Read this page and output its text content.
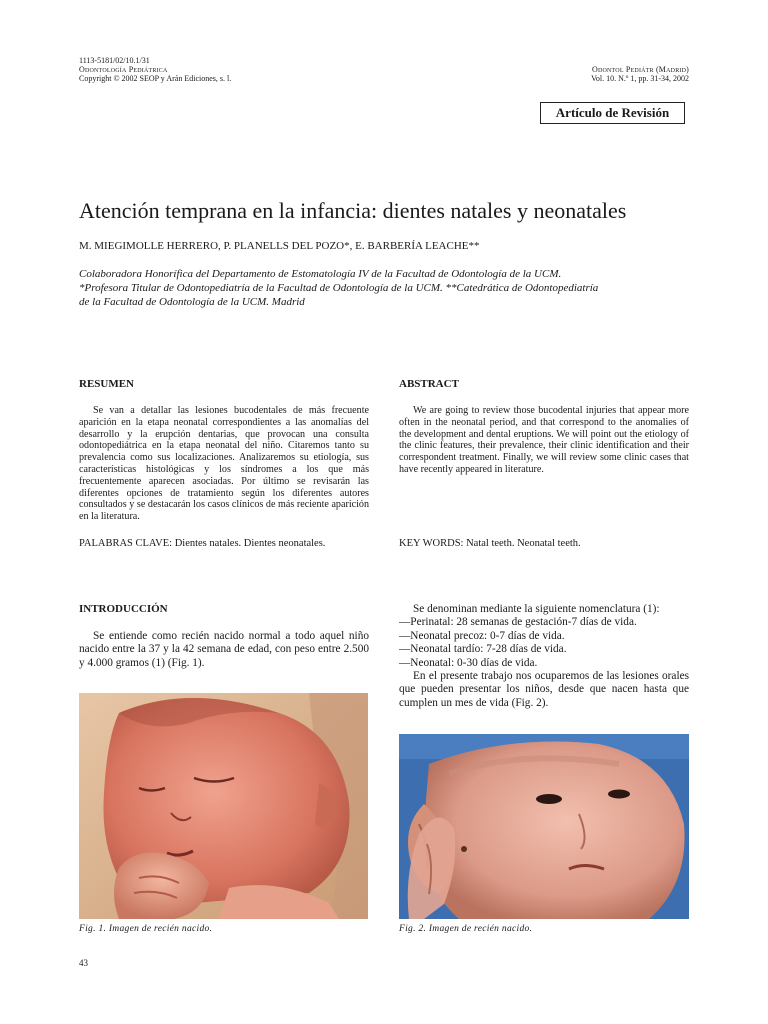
1113-5181/02/10.1/31
Odontología Pediátrica
Copyright © 2002 SEOP y Arán Ediciones, s. l.
Odontol Pediátr (Madrid)
Vol. 10. N.º 1, pp. 31-34, 2002
Artículo de Revisión
Atención temprana en la infancia: dientes natales y neonatales
M. MIEGIMOLLE HERRERO, P. PLANELLS DEL POZO*, E. BARBERÍA LEACHE**
Colaboradora Honorífica del Departamento de Estomatología IV de la Facultad de Odontología de la UCM.
*Profesora Titular de Odontopediatría de la Facultad de Odontología de la UCM. **Catedrática de Odontopediatría
de la Facultad de Odontología de la UCM. Madrid
RESUMEN

Se van a detallar las lesiones bucodentales de más frecuente aparición en la etapa neonatal correspondientes a las anomalías del desarrollo y la erupción dentarias, que provocan una consulta odontopediátrica en la etapa neonatal del niño. Citaremos tanto su prevalencia como sus localizaciones. Analizaremos su etiología, sus características histológicas y los síndromes a los que más frecuentemente aparecen asociadas. Por último se revisarán las diferentes opciones de tratamiento según los diferentes autores consultados y se destacarán los casos clínicos de más reciente aparición en la literatura.

PALABRAS CLAVE: Dientes natales. Dientes neonatales.
ABSTRACT

We are going to review those bucodental injuries that appear more often in the neonatal period, and that correspond to the anomalies of the development and dental eruptions. We will point out the etiology of the clinic features, their prevalence, their clinic identification and their correspondent treatment. Finally, we will review some clinic cases that have recently appeared in literature.

KEY WORDS: Natal teeth. Neonatal teeth.
INTRODUCCIÓN

Se entiende como recién nacido normal a todo aquel niño nacido entre la 37 y la 42 semana de edad, con peso entre 2.500 y 4.000 gramos (1) (Fig. 1).

Se denominan mediante la siguiente nomenclatura (1):
—Perinatal: 28 semanas de gestación-7 días de vida.
—Neonatal precoz: 0-7 días de vida.
—Neonatal tardío: 7-28 días de vida.
—Neonatal: 0-30 días de vida.
En el presente trabajo nos ocuparemos de las lesiones orales que pueden presentar los niños, desde que nacen hasta que cumplen un mes de vida (Fig. 2).
Fig. 1. Imagen de recién nacido.	Fig. 2. Imagen de recién nacido.
43
